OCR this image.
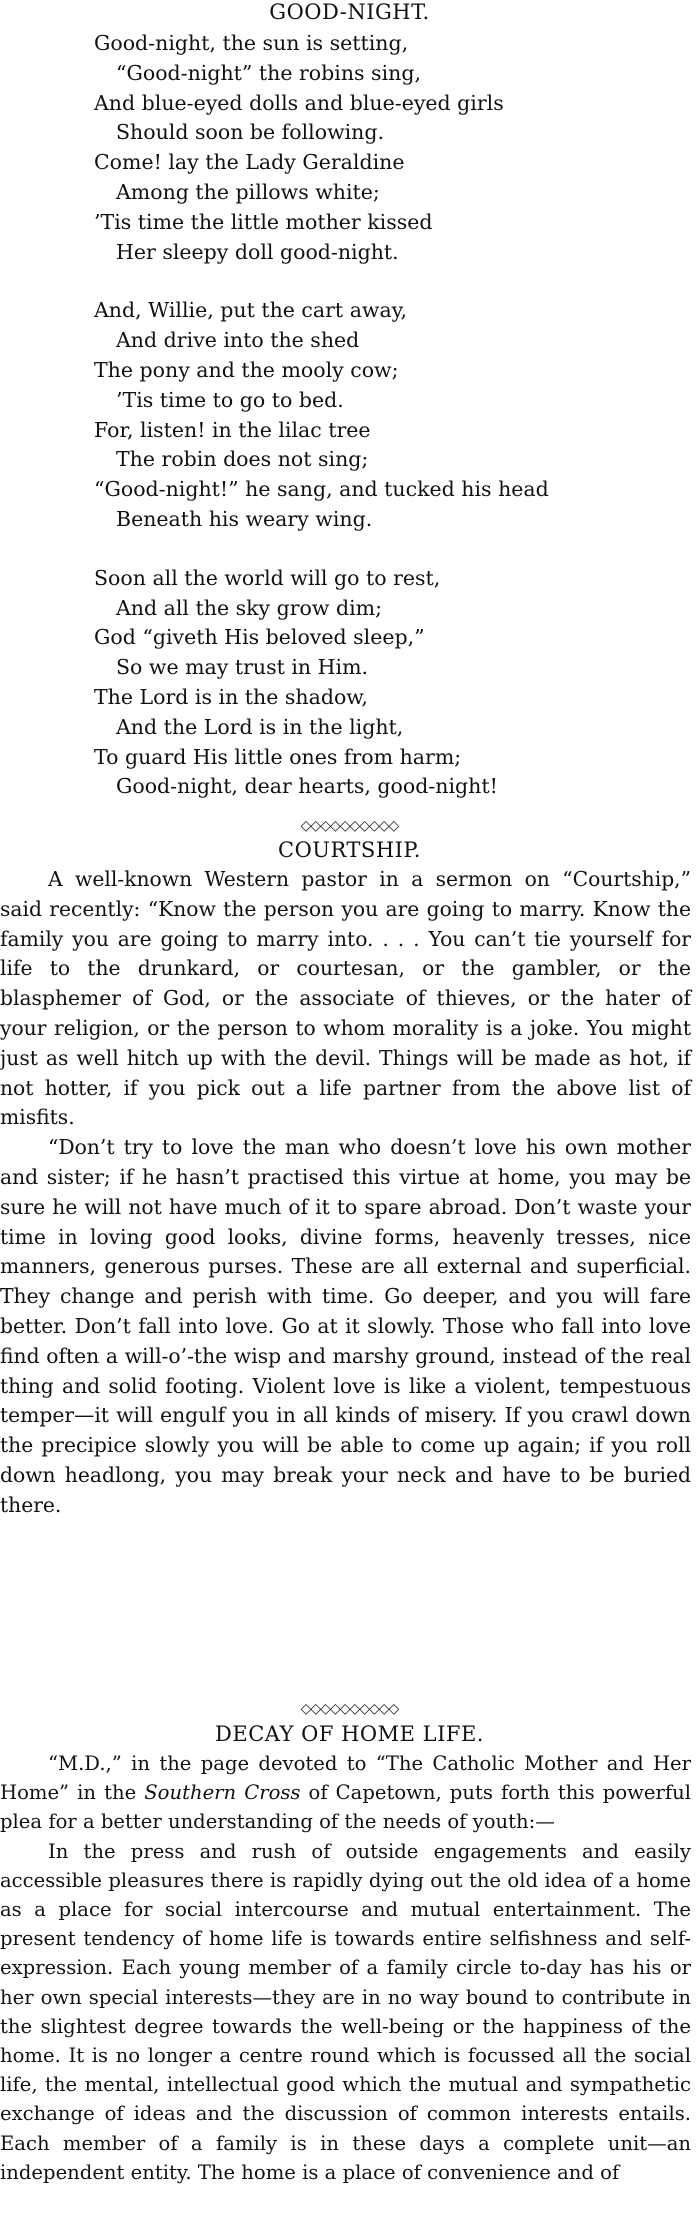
GOOD-NIGHT.
Good-night, the sun is setting,
“Good-night” the robins sing,
And blue-eyed dolls and blue-eyed girls
Should soon be following.
Come! lay the Lady Geraldine
Among the pillows white;
’Tis time the little mother kissed
Her sleepy doll good-night.
And, Willie, put the cart away,
And drive into the shed
The pony and the mooly cow;
’Tis time to go to bed.
For, listen! in the lilac tree
The robin does not sing;
“Good-night!” he sang, and tucked his head
Beneath his weary wing.
Soon all the world will go to rest,
And all the sky grow dim;
God “giveth His beloved sleep,”
So we may trust in Him.
The Lord is in the shadow,
And the Lord is in the light,
To guard His little ones from harm;
Good-night, dear hearts, good-night!
◇◇◇◇◇◇◇◇◇◇
COURTSHIP.

A well-known Western pastor in a sermon on “Courtship,” said recently: “Know the person you are going to marry. Know the family you are going to marry into. . . . You can’t tie yourself for life to the drunkard, or courtesan, or the gambler, or the blasphemer of God, or the associate of thieves, or the hater of your religion, or the person to whom morality is a joke. You might just as well hitch up with the devil. Things will be made as hot, if not hotter, if you pick out a life partner from the above list of misfits.

“Don’t try to love the man who doesn’t love his own mother and sister; if he hasn’t practised this virtue at home, you may be sure he will not have much of it to spare abroad. Don’t waste your time in loving good looks, divine forms, heavenly tresses, nice manners, generous purses. These are all external and superficial. They change and perish with time. Go deeper, and you will fare better. Don’t fall into love. Go at it slowly. Those who fall into love find often a will-o’-the wisp and marshy ground, instead of the real thing and solid footing. Violent love is like a violent, tempestuous temper—it will engulf you in all kinds of misery. If you crawl down the precipice slowly you will be able to come up again; if you roll down headlong, you may break your neck and have to be buried there.

◇◇◇◇◇◇◇◇◇◇
DECAY OF HOME LIFE.

“M.D.,” in the page devoted to “The Catholic Mother and Her Home” in the Southern Cross of Capetown, puts forth this powerful plea for a better understanding of the needs of youth:—

In the press and rush of outside engagements and easily accessible pleasures there is rapidly dying out the old idea of a home as a place for social intercourse and mutual entertainment. The present tendency of home life is towards entire selfishness and self-expression. Each young member of a family circle to-day has his or her own special interests—they are in no way bound to contribute in the slightest degree towards the well-being or the happiness of the home. It is no longer a centre round which is focussed all the social life, the mental, intellectual good which the mutual and sympathetic exchange of ideas and the discussion of common interests entails. Each member of a family is in these days a complete unit—an independent entity. The home is a place of convenience and of
